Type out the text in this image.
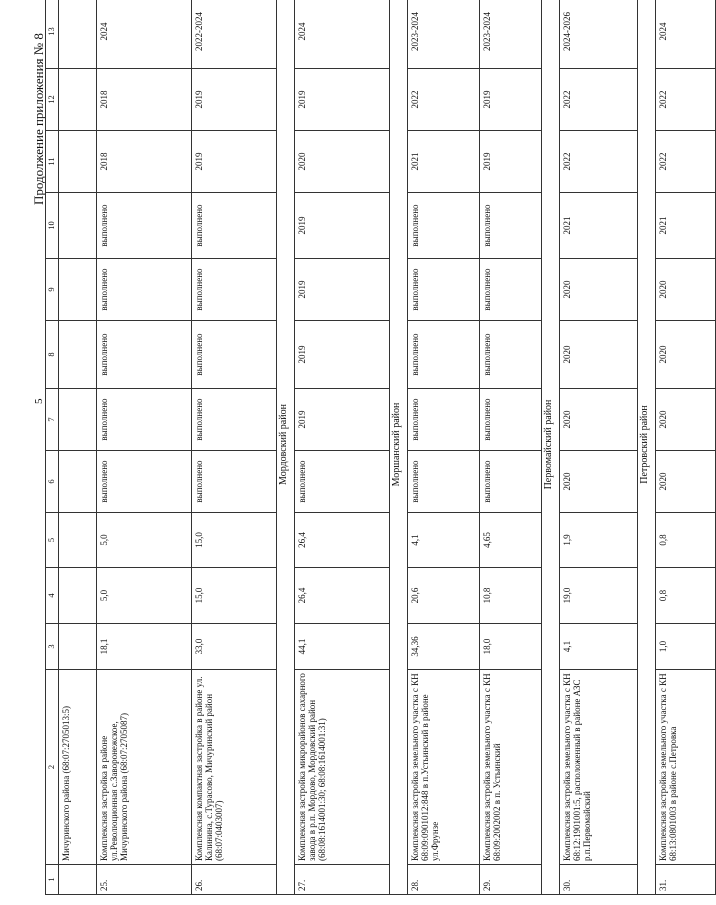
5
Продолжение приложения № 8
1	2	3	4	5	6	7	8	9	10	11	12	13
	Мичуринского района (68:07:2705013:5)											
25.	Комплексная застройка в районе ул.Революционная с.Заворонежское, Мичуринского района (68:07:2705087)	18,1	5,0	5,0	выполнено	выполнено	выполнено	выполнено	выполнено	2018	2018	2024
26.	Комплексная компактная застройка в районе ул. Калинина, с.Турасово, Мичуринский район (68:07:0403007)	33,0	15,0	15,0	выполнено	выполнено	выполнено	выполнено	выполнено	2019	2019	2022-2024
Мордовский район												
27.	Комплексная застройка микрорайонов сахарного завода в р.п. Мордово, Мордовский район (68:08:1614001:30; 68:08:1614001:31)	44,1	26,4	26,4	выполнено	2019	2019	2019	2019	2020	2019	2024
Моршанский район												
28.	Комплексная застройка земельного участка с КН 68:09:0901012:848 в п.Устьинский в районе ул.Фрунзе	34,36	20,6	4,1	выполнено	выполнено	выполнено	выполнено	выполнено	2021	2022	2023-2024
29.	Комплексная застройка земельного участка с КН 68:09:2002002 в п. Устьинский	18,0	10,8	4,65	выполнено	выполнено	выполнено	выполнено	выполнено	2019	2019	2023-2024
Первомайский район												
30.	Комплексная застройка земельного участка с КН 68:12:1901001:5, расположенный в районе АЗС р.п.Первомайский	4,1	19,0	1,9	2020	2020	2020	2020	2021	2022	2022	2024-2026
Петровский район												
31.	Комплексная застройка земельного участка с КН 68:13:0801003 в районе с.Петровка	1,0	0,8	0,8	2020	2020	2020	2020	2021	2022	2022	2024
